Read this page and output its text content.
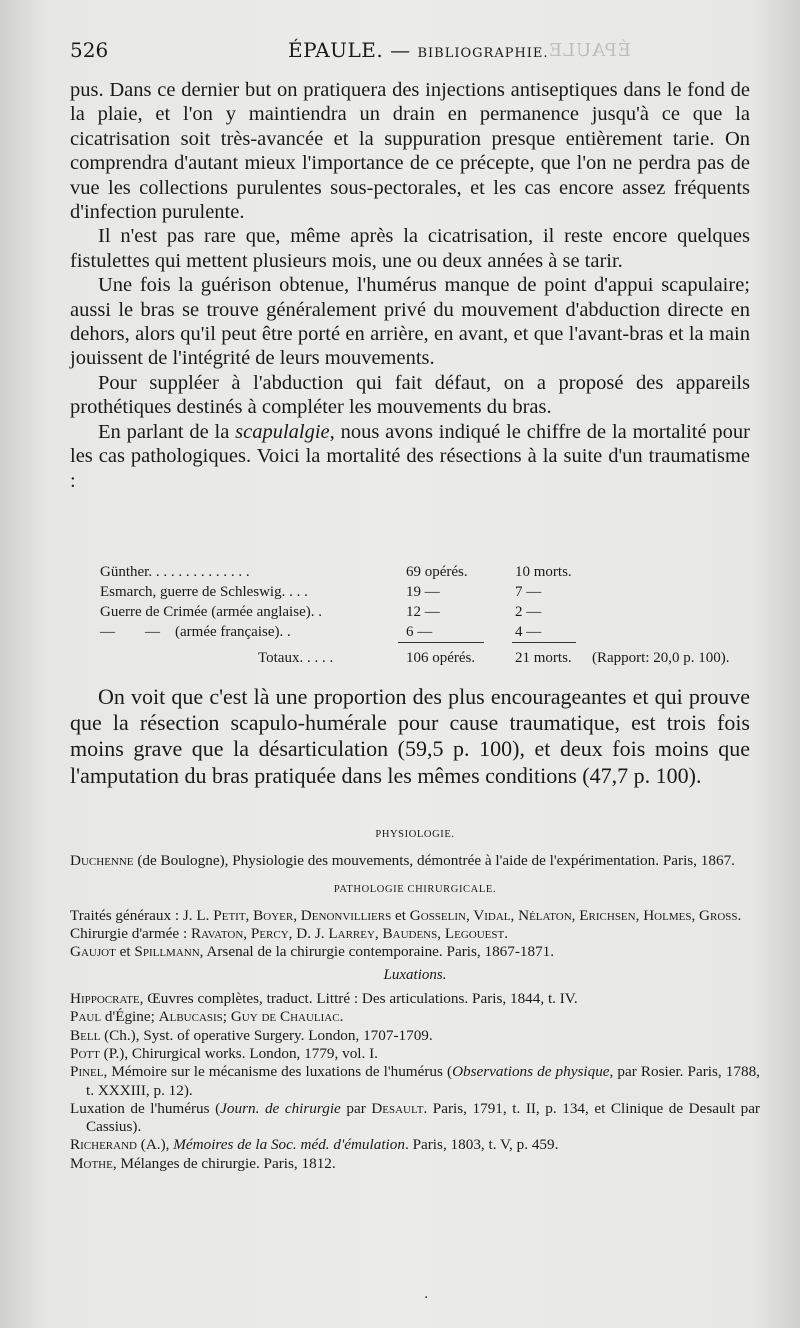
ÉPAULE
526	ÉPAULE. — BIBLIOGRAPHIE.

pus. Dans ce dernier but on pratiquera des injections antiseptiques dans le fond de la plaie, et l'on y maintiendra un drain en permanence jusqu'à ce que la cicatrisation soit très-avancée et la suppuration presque entièrement tarie. On comprendra d'autant mieux l'importance de ce précepte, que l'on ne perdra pas de vue les collections purulentes sous-pectorales, et les cas encore assez fréquents d'infection purulente.

Il n'est pas rare que, même après la cicatrisation, il reste encore quelques fistulettes qui mettent plusieurs mois, une ou deux années à se tarir.

Une fois la guérison obtenue, l'humérus manque de point d'appui scapulaire; aussi le bras se trouve généralement privé du mouvement d'abduction directe en dehors, alors qu'il peut être porté en arrière, en avant, et que l'avant-bras et la main jouissent de l'intégrité de leurs mouvements.

Pour suppléer à l'abduction qui fait défaut, on a proposé des appareils prothétiques destinés à compléter les mouvements du bras.

En parlant de la scapulalgie, nous avons indiqué le chiffre de la mortalité pour les cas pathologiques. Voici la mortalité des résections à la suite d'un traumatisme :

Günther. . . . . . . . . . . . . .	69 opérés.	10 morts.
Esmarch, guerre de Schleswig. . . .	19 —	7 —
Guerre de Crimée (armée anglaise). .	12 —	2 —
—        —    (armée française). .	6 —	4 —
Totaux. . . . .	106 opérés.	21 morts. (Rapport: 20,0 p. 100).

On voit que c'est là une proportion des plus encourageantes et qui prouve que la résection scapulo-humérale pour cause traumatique, est trois fois moins grave que la désarticulation (59,5 p. 100), et deux fois moins que l'amputation du bras pratiquée dans les mêmes conditions (47,7 p. 100).

PHYSIOLOGIE.

Duchenne (de Boulogne), Physiologie des mouvements, démontrée à l'aide de l'expérimentation. Paris, 1867.

PATHOLOGIE CHIRURGICALE.

Traités généraux : J. L. Petit, Boyer, Denonvilliers et Gosselin, Vidal, Nélaton, Erichsen, Holmes, Gross.

Chirurgie d'armée : Ravaton, Percy, D. J. Larrey, Baudens, Legouest.

Gaujot et Spillmann, Arsenal de la chirurgie contemporaine. Paris, 1867-1871.

Luxations.

Hippocrate, Œuvres complètes, traduct. Littré : Des articulations. Paris, 1844, t. IV.

Paul d'Égine; Albucasis; Guy de Chauliac.

Bell (Ch.), Syst. of operative Surgery. London, 1707-1709.

Pott (P.), Chirurgical works. London, 1779, vol. I.

Pinel, Mémoire sur le mécanisme des luxations de l'humérus (Observations de physique, par Rosier. Paris, 1788, t. XXXIII, p. 12).

Luxation de l'humérus (Journ. de chirurgie par Desault. Paris, 1791, t. II, p. 134, et Clinique de Desault par Cassius).

Richerand (A.), Mémoires de la Soc. méd. d'émulation. Paris, 1803, t. V, p. 459.

Mothe, Mélanges de chirurgie. Paris, 1812.

·
